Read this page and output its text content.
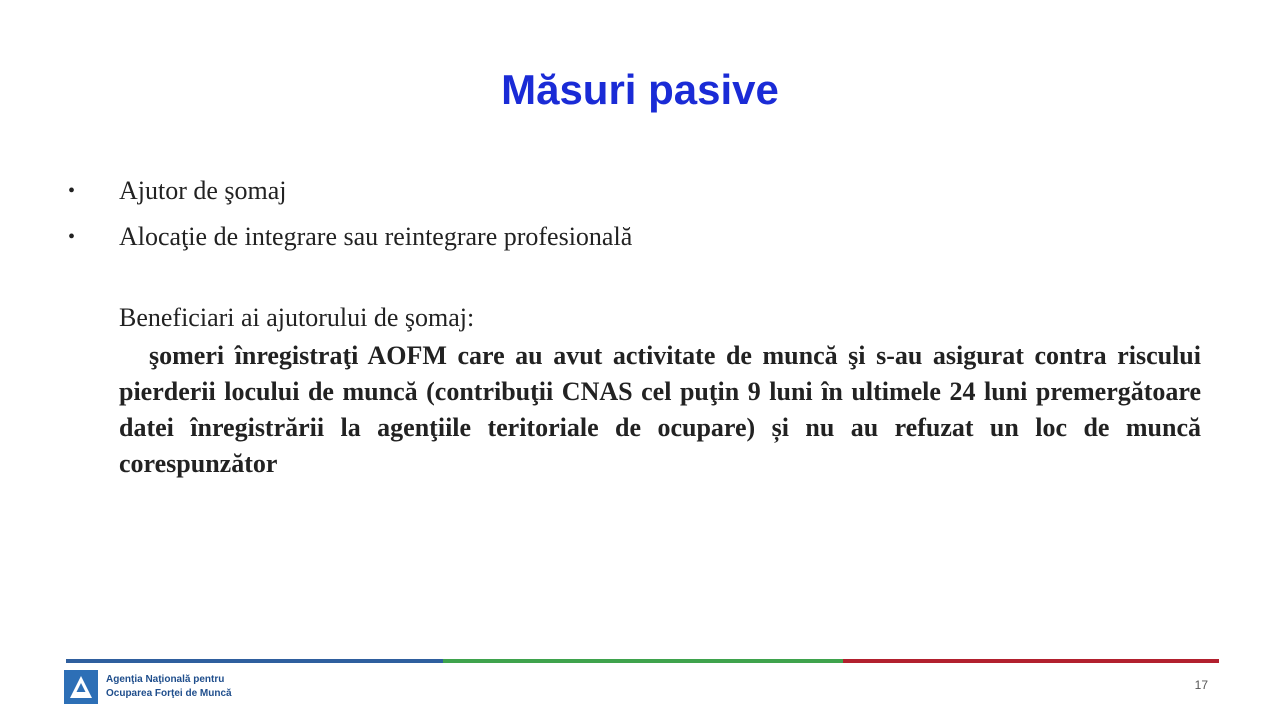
Măsuri pasive
• Ajutor de şomaj
• Alocaţie de integrare sau reintegrare profesională

Beneficiari ai ajutorului de şomaj:

şomeri înregistraţi AOFM care au avut activitate de muncă şi s-au asigurat contra riscului pierderii locului de muncă (contribuţii CNAS cel puţin 9 luni în ultimele 24 luni premergătoare datei înregistrării la agenţiile teritoriale de ocupare) și nu au refuzat un loc de muncă corespunzător

Agenţia Naţională pentru
Ocuparea Forţei de Muncă
17
